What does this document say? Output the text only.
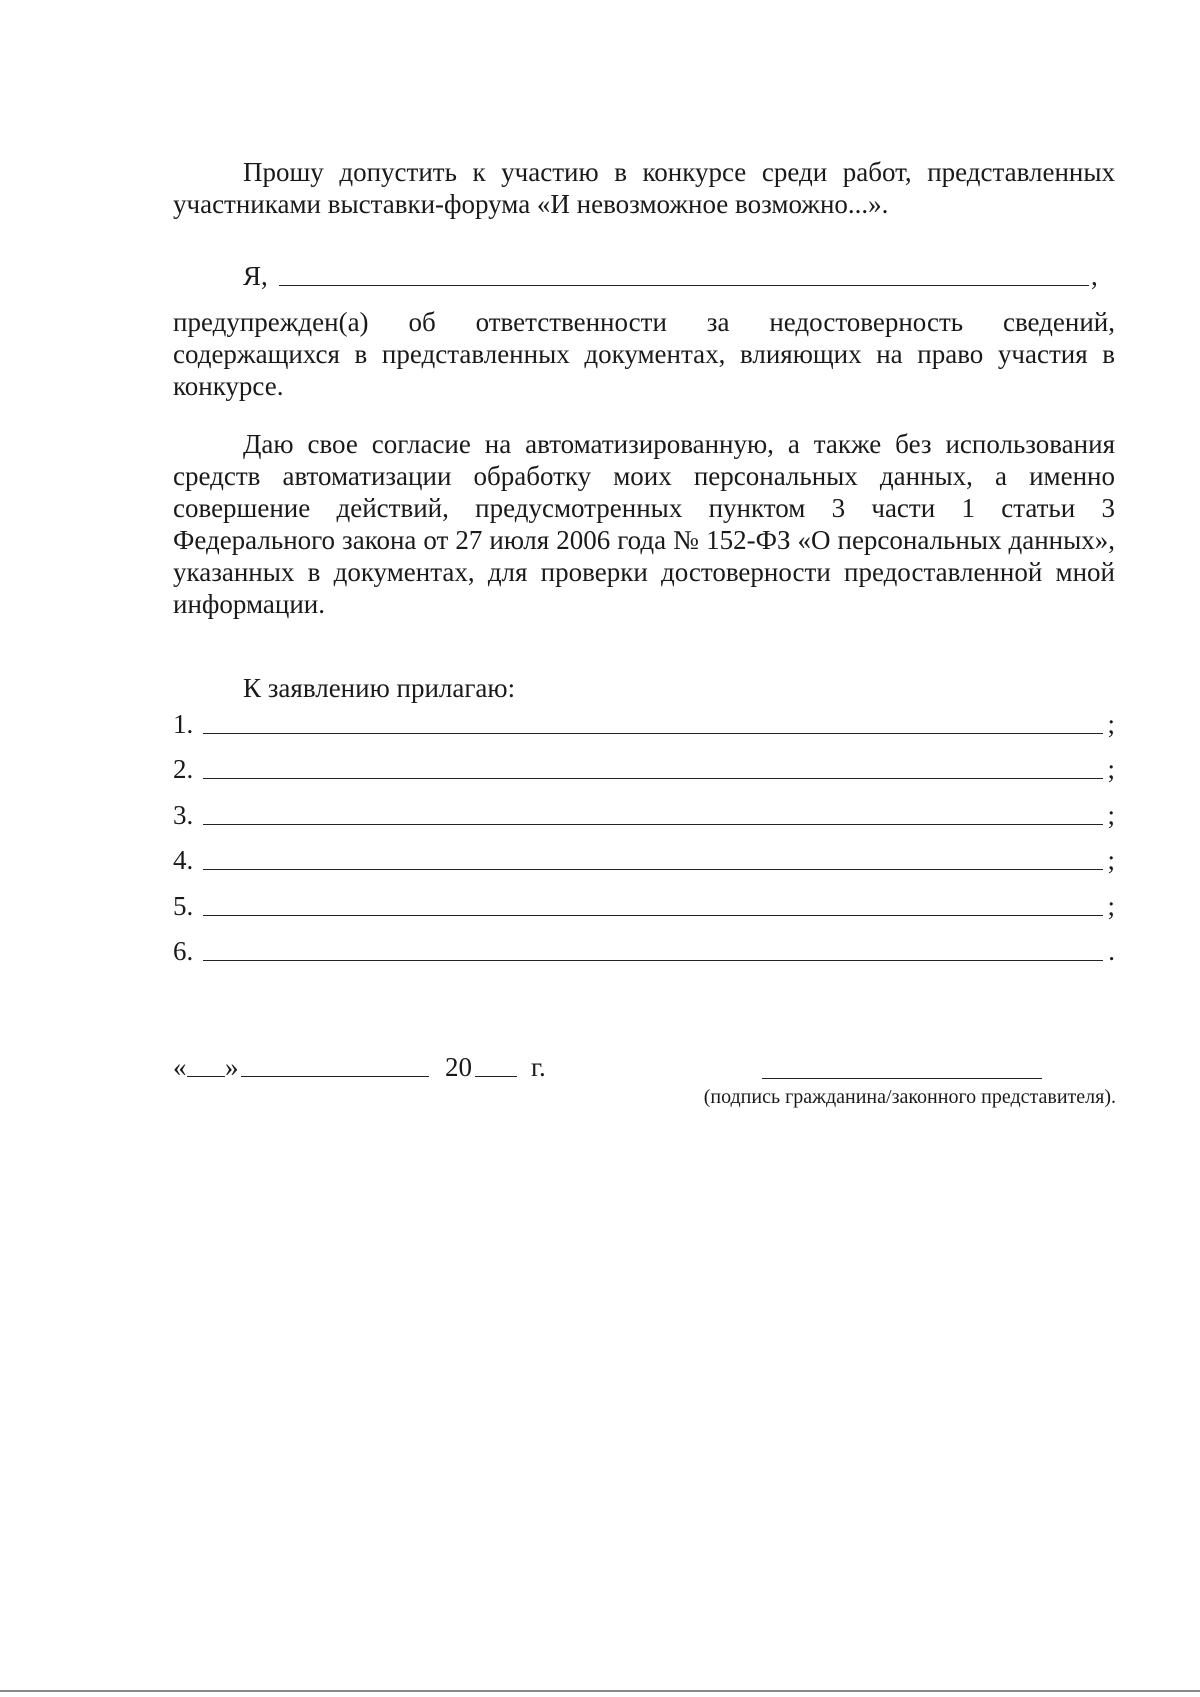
Прошу допустить к участию в конкурсе среди работ, представленных участниками выставки-форума «И невозможное возможно...».

Я,	,

предупрежден(а) об ответственности за недостоверность сведений, содержащихся в представленных документах, влияющих на право участия в конкурсе.

Даю свое согласие на автоматизированную, а также без использования средств автоматизации обработку моих персональных данных, а именно совершение действий, предусмотренных пунктом 3 части 1 статьи 3 Федерального закона от 27 июля 2006 года № 152-ФЗ «О персональных данных», указанных в документах, для проверки достоверности предоставленной мной информации.

К заявлению прилагаю:
1.	;
2.	;
3.	;
4.	;
5.	;
6.	.
« »	20 г.
(подпись гражданина/законного представителя).
